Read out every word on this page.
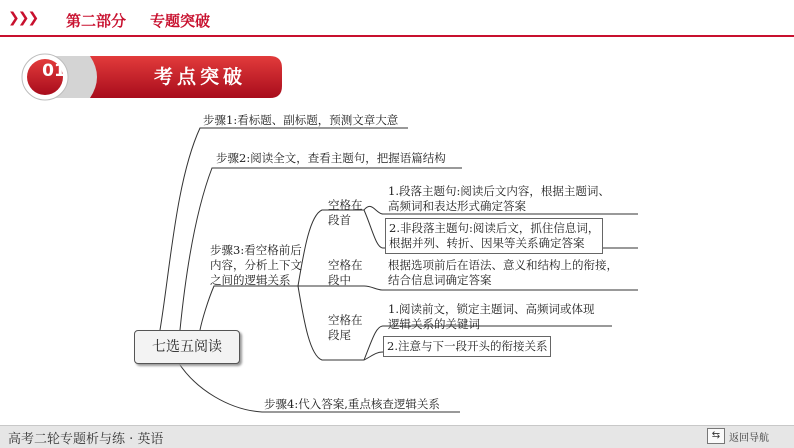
❯❯❯ 第二部分 专题突破
01	考点突破
七选五阅读
步骤1:看标题、副标题，预测文章大意
步骤2:阅读全文，查看主题句，把握语篇结构
步骤3:看空格前后
内容，分析上下文
之间的逻辑关系
空格在
段首
空格在
段中
空格在
段尾
1.段落主题句:阅读后文内容，根据主题词、
高频词和表达形式确定答案
2.非段落主题句:阅读后文，抓住信息词，
根据并列、转折、因果等关系确定答案
根据选项前后在语法、意义和结构上的衔接，
结合信息词确定答案
1.阅读前文，锁定主题词、高频词或体现
逻辑关系的关键词
2.注意与下一段开头的衔接关系
步骤4:代入答案,重点核查逻辑关系
高考二轮专题析与练 · 英语	⇆ 返回导航
